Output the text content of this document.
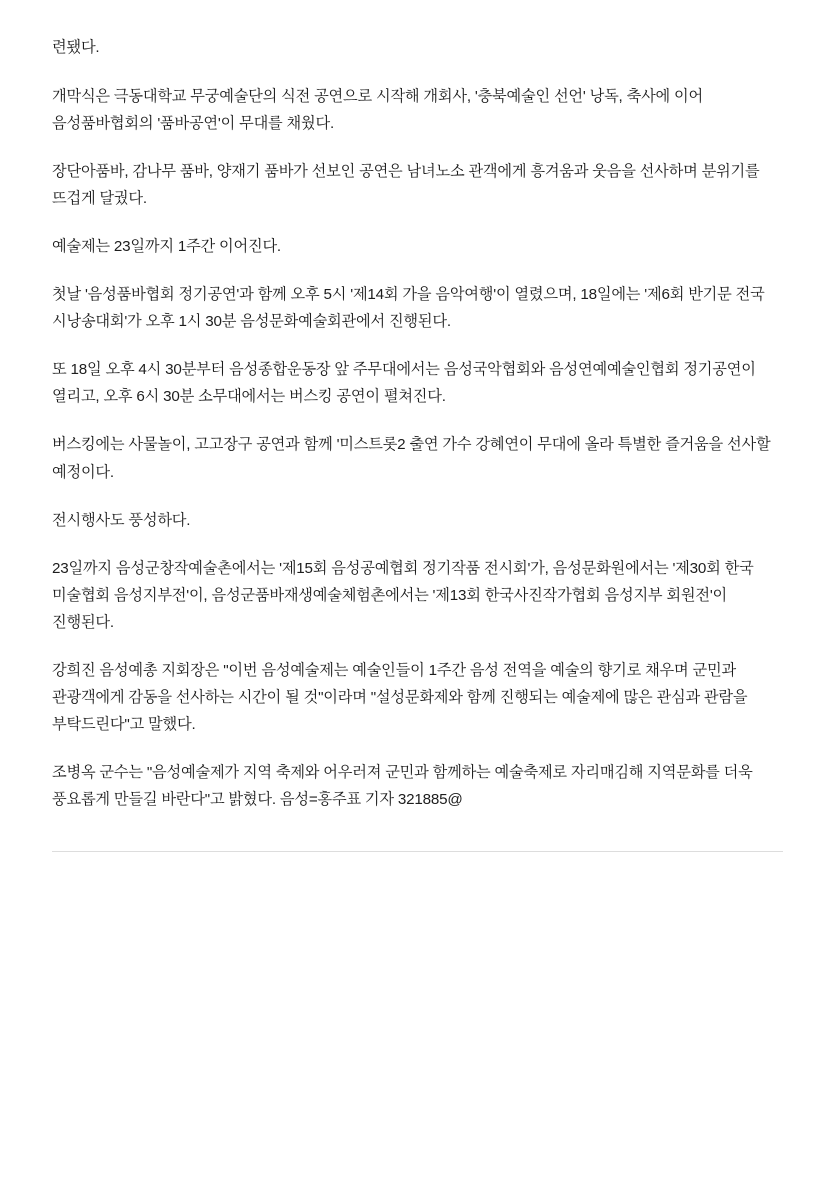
련됐다.

개막식은 극동대학교 무궁예술단의 식전 공연으로 시작해 개회사, '충북예술인 선언' 낭독, 축사에 이어 음성품바협회의 '품바공연'이 무대를 채웠다.

장단아품바, 감나무 품바, 양재기 품바가 선보인 공연은 남녀노소 관객에게 흥겨움과 웃음을 선사하며 분위기를 뜨겁게 달궜다.

예술제는 23일까지 1주간 이어진다.

첫날 '음성품바협회 정기공연'과 함께 오후 5시 '제14회 가을 음악여행'이 열렸으며, 18일에는 '제6회 반기문 전국 시낭송대회'가 오후 1시 30분 음성문화예술회관에서 진행된다.

또 18일 오후 4시 30분부터 음성종합운동장 앞 주무대에서는 음성국악협회와 음성연예예술인협회 정기공연이 열리고, 오후 6시 30분 소무대에서는 버스킹 공연이 펼쳐진다.

버스킹에는 사물놀이, 고고장구 공연과 함께 '미스트롯2 출연 가수 강혜연이 무대에 올라 특별한 즐거움을 선사할 예정이다.

전시행사도 풍성하다.

23일까지 음성군창작예술촌에서는 '제15회 음성공예협회 정기작품 전시회'가, 음성문화원에서는 '제30회 한국 미술협회 음성지부전'이, 음성군품바재생예술체험촌에서는 '제13회 한국사진작가협회 음성지부 회원전'이 진행된다.

강희진 음성예총 지회장은 "이번 음성예술제는 예술인들이 1주간 음성 전역을 예술의 향기로 채우며 군민과 관광객에게 감동을 선사하는 시간이 될 것"이라며 "설성문화제와 함께 진행되는 예술제에 많은 관심과 관람을 부탁드린다"고 말했다.

조병옥 군수는 "음성예술제가 지역 축제와 어우러져 군민과 함께하는 예술축제로 자리매김해 지역문화를 더욱 풍요롭게 만들길 바란다"고 밝혔다. 음성=홍주표 기자 321885@
